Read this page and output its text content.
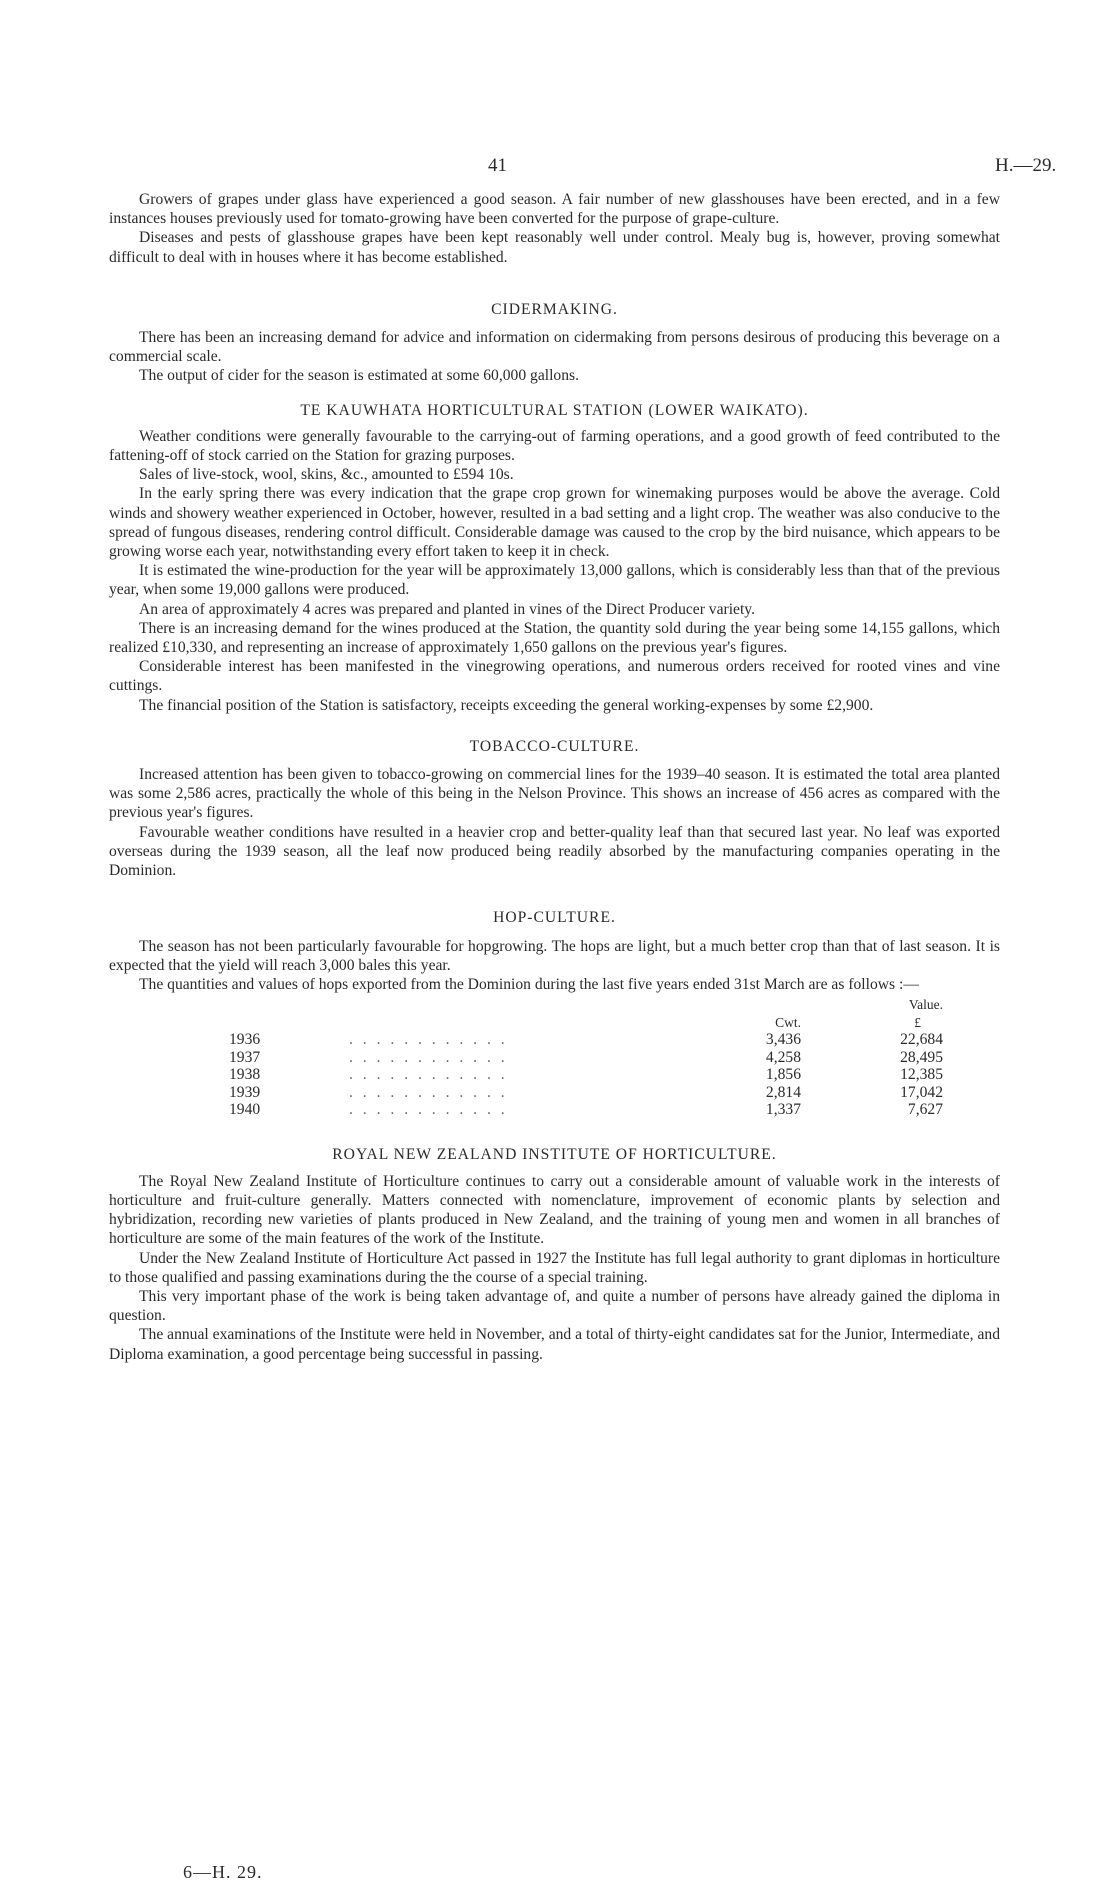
41	H.—29.

Growers of grapes under glass have experienced a good season. A fair number of new glasshouses have been erected, and in a few instances houses previously used for tomato-growing have been converted for the purpose of grape-culture.

Diseases and pests of glasshouse grapes have been kept reasonably well under control. Mealy bug is, however, proving somewhat difficult to deal with in houses where it has become established.

CIDERMAKING.

There has been an increasing demand for advice and information on cidermaking from persons desirous of producing this beverage on a commercial scale.

The output of cider for the season is estimated at some 60,000 gallons.

TE KAUWHATA HORTICULTURAL STATION (LOWER WAIKATO).

Weather conditions were generally favourable to the carrying-out of farming operations, and a good growth of feed contributed to the fattening-off of stock carried on the Station for grazing purposes.

Sales of live-stock, wool, skins, &c., amounted to £594 10s.

In the early spring there was every indication that the grape crop grown for winemaking purposes would be above the average. Cold winds and showery weather experienced in October, however, resulted in a bad setting and a light crop. The weather was also conducive to the spread of fungous diseases, rendering control difficult. Considerable damage was caused to the crop by the bird nuisance, which appears to be growing worse each year, notwithstanding every effort taken to keep it in check.

It is estimated the wine-production for the year will be approximately 13,000 gallons, which is considerably less than that of the previous year, when some 19,000 gallons were produced.

An area of approximately 4 acres was prepared and planted in vines of the Direct Producer variety.

There is an increasing demand for the wines produced at the Station, the quantity sold during the year being some 14,155 gallons, which realized £10,330, and representing an increase of approximately 1,650 gallons on the previous year's figures.

Considerable interest has been manifested in the vinegrowing operations, and numerous orders received for rooted vines and vine cuttings.

The financial position of the Station is satisfactory, receipts exceeding the general working-expenses by some £2,900.

TOBACCO-CULTURE.

Increased attention has been given to tobacco-growing on commercial lines for the 1939–40 season. It is estimated the total area planted was some 2,586 acres, practically the whole of this being in the Nelson Province. This shows an increase of 456 acres as compared with the previous year's figures.

Favourable weather conditions have resulted in a heavier crop and better-quality leaf than that secured last year. No leaf was exported overseas during the 1939 season, all the leaf now produced being readily absorbed by the manufacturing companies operating in the Dominion.

HOP-CULTURE.

The season has not been particularly favourable for hopgrowing. The hops are light, but a much better crop than that of last season. It is expected that the yield will reach 3,000 bales this year.

The quantities and values of hops exported from the Dominion during the last five years ended 31st March are as follows :—

			Value.
		Cwt.	£
1936	. . . . . . . . . . . .	3,436	22,684
1937	. . . . . . . . . . . .	4,258	28,495
1938	. . . . . . . . . . . .	1,856	12,385
1939	. . . . . . . . . . . .	2,814	17,042
1940	. . . . . . . . . . . .	1,337	7,627

ROYAL NEW ZEALAND INSTITUTE OF HORTICULTURE.

The Royal New Zealand Institute of Horticulture continues to carry out a considerable amount of valuable work in the interests of horticulture and fruit-culture generally. Matters connected with nomenclature, improvement of economic plants by selection and hybridization, recording new varieties of plants produced in New Zealand, and the training of young men and women in all branches of horticulture are some of the main features of the work of the Institute.

Under the New Zealand Institute of Horticulture Act passed in 1927 the Institute has full legal authority to grant diplomas in horticulture to those qualified and passing examinations during the the course of a special training.

This very important phase of the work is being taken advantage of, and quite a number of persons have already gained the diploma in question.

The annual examinations of the Institute were held in November, and a total of thirty-eight candidates sat for the Junior, Intermediate, and Diploma examination, a good percentage being successful in passing.

6—H. 29.
